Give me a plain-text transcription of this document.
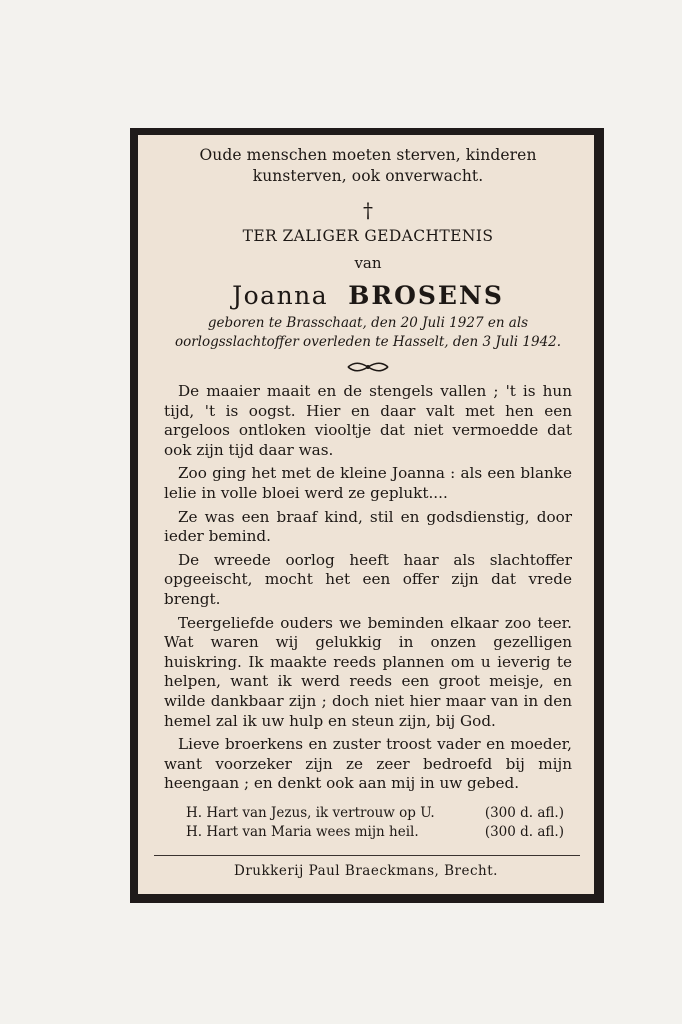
Oude menschen moeten sterven, kinderen kunsterven, ook onverwacht.

†
TER ZALIGER GEDACHTENIS
van
Joanna BROSENS
geboren te Brasschaat, den 20 Juli 1927 en als
oorlogsslachtoffer overleden te Hasselt, den 3 Juli 1942.

De maaier maait en de stengels vallen ; 't is hun tijd, 't is oogst. Hier en daar valt met hen een argeloos ontloken viooltje dat niet vermoedde dat ook zijn tijd daar was.

Zoo ging het met de kleine Joanna : als een blanke lelie in volle bloei werd ze geplukt....

Ze was een braaf kind, stil en godsdienstig, door ieder bemind.

De wreede oorlog heeft haar als slachtoffer opgeeischt, mocht het een offer zijn dat vrede brengt.

Teergeliefde ouders we beminden elkaar zoo teer. Wat waren wij gelukkig in onzen gezelligen huiskring. Ik maakte reeds plannen om u ieverig te helpen, want ik werd reeds een groot meisje, en wilde dankbaar zijn ; doch niet hier maar van in den hemel zal ik uw hulp en steun zijn, bij God.

Lieve broerkens en zuster troost vader en moeder, want voorzeker zijn ze zeer bedroefd bij mijn heengaan ; en denkt ook aan mij in uw gebed.

H. Hart van Jezus, ik vertrouw op U.	(300 d. afl.)
H. Hart van Maria wees mijn heil.	(300 d. afl.)
Drukkerij Paul Braeckmans, Brecht.
